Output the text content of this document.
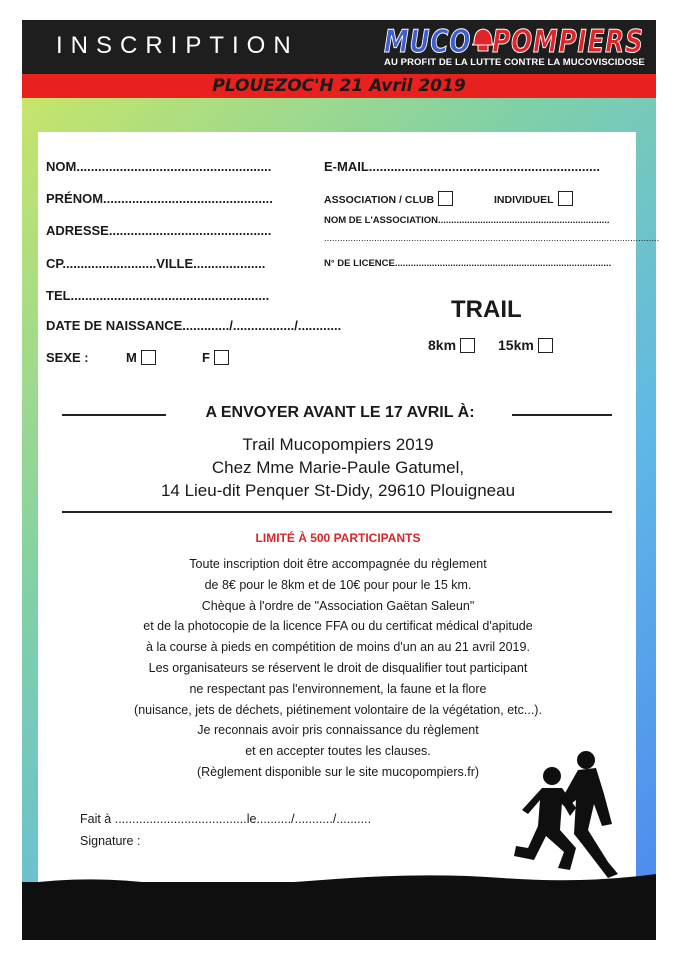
INSCRIPTION	MUCO POMPIERS
AU PROFIT DE LA LUTTE CONTRE LA MUCOVISCIDOSE
PLOUEZOC'H 21 Avril 2019
NOM......................................................
PRÉNOM...............................................
ADRESSE.............................................
CP..........................VILLE....................
TEL.......................................................
DATE DE NAISSANCE............./................./............
SEXE :	M	F
E-MAIL................................................................
ASSOCIATION / CLUB	INDIVIDUEL
NOM DE L'ASSOCIATION.................................................................
...............................................................................................................................
N° DE LICENCE..................................................................................
TRAIL
8km	15km
A ENVOYER AVANT LE 17 AVRIL À:
Trail Mucopompiers 2019
Chez Mme Marie-Paule Gatumel,
14 Lieu-dit Penquer St-Didy, 29610 Plouigneau
LIMITÉ À 500 PARTICIPANTS
Toute inscription doit être accompagnée du règlement
de 8€ pour le 8km et de 10€ pour pour le 15 km.
Chèque à l'ordre de "Association Gaëtan Saleun"
et de la photocopie de la licence FFA ou du certificat médical d'apitude
à la course à pieds en compétition de moins d'un an au 21 avril 2019.
Les organisateurs se réservent le droit de disqualifier tout participant
ne respectant pas l'environnement, la faune et la flore
(nuisance, jets de déchets, piétinement volontaire de la végétation, etc...).
Je reconnais avoir pris connaissance du règlement
et en accepter toutes les clauses.
(Règlement disponible sur le site mucopompiers.fr)
Fait à ......................................le........../.........../..........
Signature :
